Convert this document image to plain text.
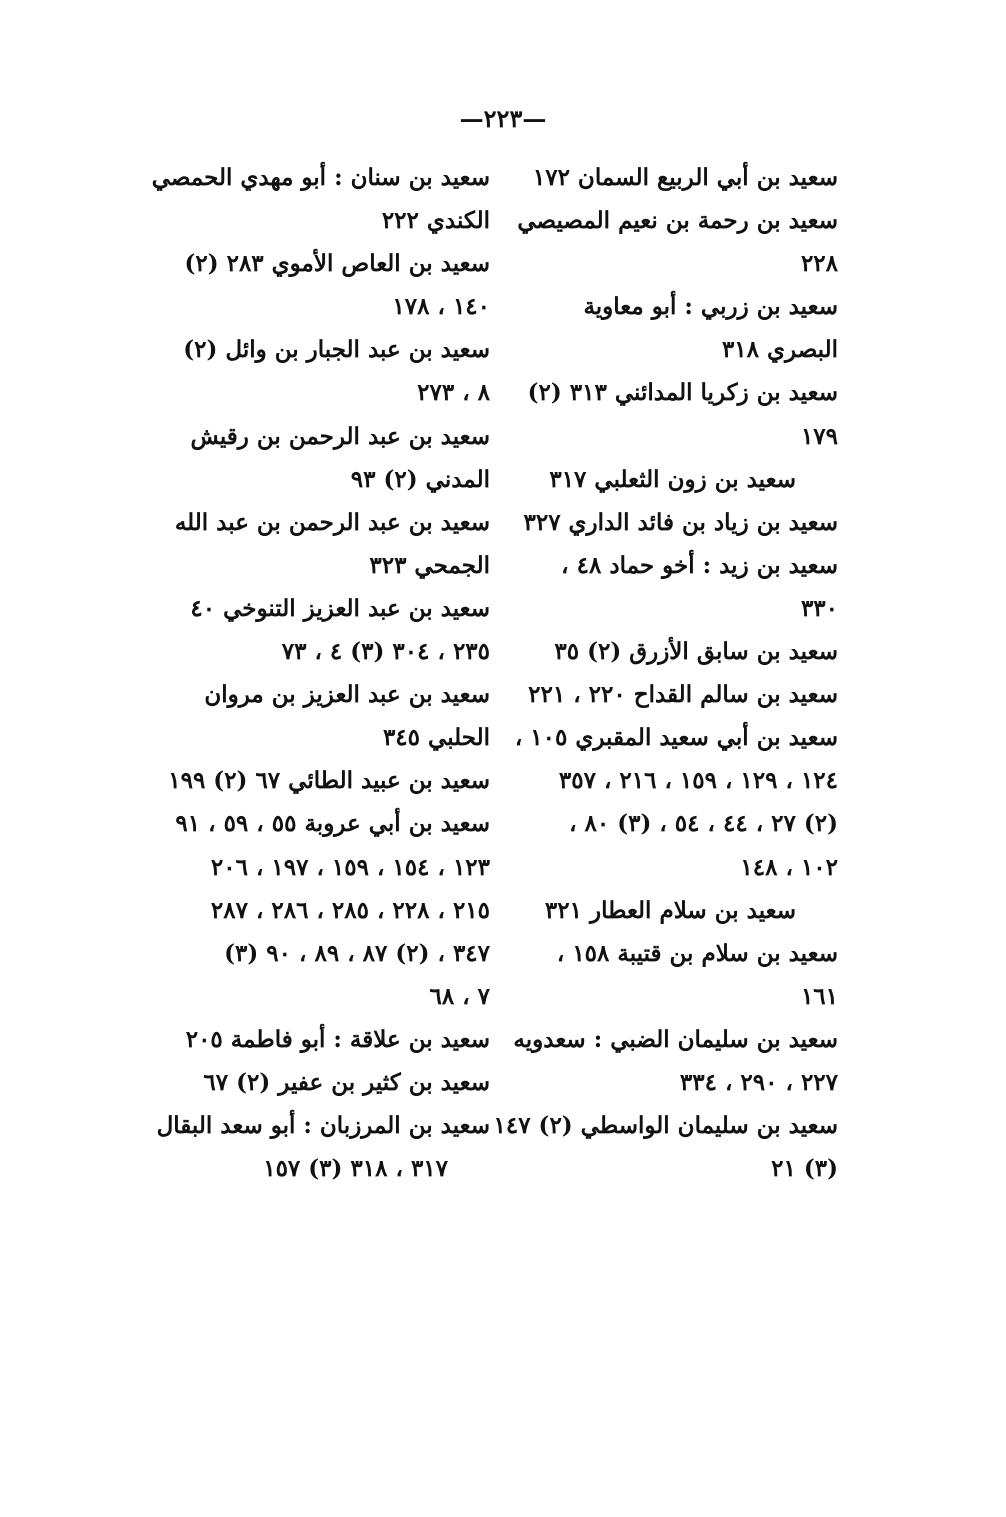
—٢٢٣—
سعيد بن أبي الربيع السمان ١٧٢
سعيد بن رحمة بن نعيم المصيصي
٢٢٨
سعيد بن زربي : أبو معاوية
البصري ٣١٨
سعيد بن زكريا المدائني ٣١٣ (٢)
١٧٩
سعيد بن زون الثعلبي ٣١٧
سعيد بن زياد بن فائد الداري ٣٢٧
سعيد بن زيد : أخو حماد ٤٨ ،
٣٣٠
سعيد بن سابق الأزرق (٢) ٣٥
سعيد بن سالم القداح ٢٢٠ ، ٢٢١
سعيد بن أبي سعيد المقبري ١٠٥ ،
١٢٤ ، ١٢٩ ، ١٥٩ ، ٢١٦ ، ٣٥٧
(٢) ٢٧ ، ٤٤ ، ٥٤ ، (٣) ٨٠ ،
١٠٢ ، ١٤٨
سعيد بن سلام العطار ٣٢١
سعيد بن سلام بن قتيبة ١٥٨ ،
١٦١
سعيد بن سليمان الضبي : سعدويه
٢٢٧ ، ٢٩٠ ، ٣٣٤
سعيد بن سليمان الواسطي (٢) ١٤٧
(٣) ٢١
سعيد بن سنان : أبو مهدي الحمصي
الكندي ٢٢٢
سعيد بن العاص الأموي ٢٨٣ (٢)
١٤٠ ، ١٧٨
سعيد بن عبد الجبار بن وائل (٢)
٨ ، ٢٧٣
سعيد بن عبد الرحمن بن رقيش
المدني (٢) ٩٣
سعيد بن عبد الرحمن بن عبد الله
الجمحي ٣٢٣
سعيد بن عبد العزيز التنوخي ٤٠
٢٣٥ ، ٣٠٤ (٣) ٤ ، ٧٣
سعيد بن عبد العزيز بن مروان
الحلبي ٣٤٥
سعيد بن عبيد الطائي ٦٧ (٢) ١٩٩
سعيد بن أبي عروبة ٥٥ ، ٥٩ ، ٩١
١٢٣ ، ١٥٤ ، ١٥٩ ، ١٩٧ ، ٢٠٦
٢١٥ ، ٢٢٨ ، ٢٨٥ ، ٢٨٦ ، ٢٨٧
٣٤٧ ، (٢) ٨٧ ، ٨٩ ، ٩٠ (٣)
٧ ، ٦٨
سعيد بن علاقة : أبو فاطمة ٢٠٥
سعيد بن كثير بن عفير (٢) ٦٧
سعيد بن المرزبان : أبو سعد البقال
٣١٧ ، ٣١٨ (٣) ١٥٧
